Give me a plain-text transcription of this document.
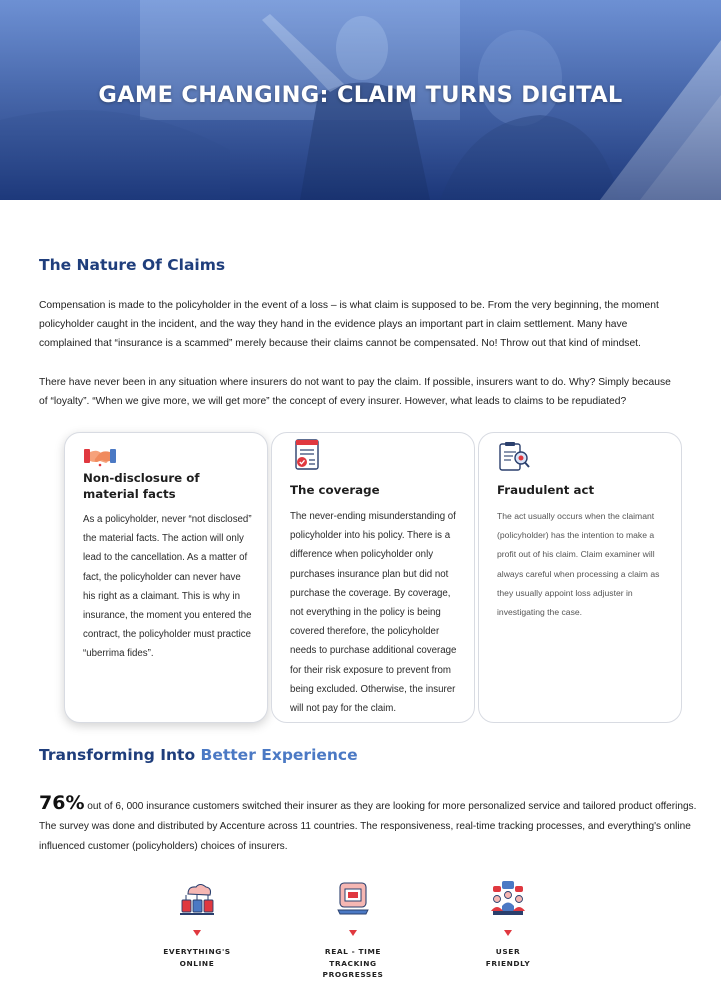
GAME CHANGING: CLAIM TURNS DIGITAL
The Nature Of Claims

Compensation is made to the policyholder in the event of a loss – is what claim is supposed to be. From the very beginning, the moment policyholder caught in the incident, and the way they hand in the evidence plays an important part in claim settlement. Many have complained that “insurance is a scammed” merely because their claims cannot be compensated. No! Throw out that kind of mindset.

There have never been in any situation where insurers do not want to pay the claim. If possible, insurers want to do. Why? Simply because of “loyalty”. “When we give more, we will get more” the concept of every insurer. However, what leads to claims to be repudiated?

Non-disclosure of material facts
As a policyholder, never “not disclosed” the material facts. The action will only lead to the cancellation. As a matter of fact, the policyholder can never have his right as a claimant. This is why in insurance, the moment you entered the contract, the policyholder must practice “uberrima fides”.
The coverage
The never-ending misunderstanding of policyholder into his policy. There is a difference when policyholder only purchases insurance plan but did not purchase the coverage. By coverage, not everything in the policy is being covered therefore, the policyholder needs to purchase additional coverage for their risk exposure to prevent from being excluded. Otherwise, the insurer will not pay for the claim.
Fraudulent act
The act usually occurs when the claimant (policyholder) has the intention to make a profit out of his claim. Claim examiner will always careful when processing a claim as they usually appoint loss adjuster in investigating the case.
Transforming Into Better Experience

76% out of 6, 000 insurance customers switched their insurer as they are looking for more personalized service and tailored product offerings. The survey was done and distributed by Accenture across 11 countries. The responsiveness, real-time tracking processes, and everything's online influenced customer (policyholders) choices of insurers.

EVERYTHING'S
ONLINE
REAL - TIME
TRACKING
PROGRESSES
USER
FRIENDLY
